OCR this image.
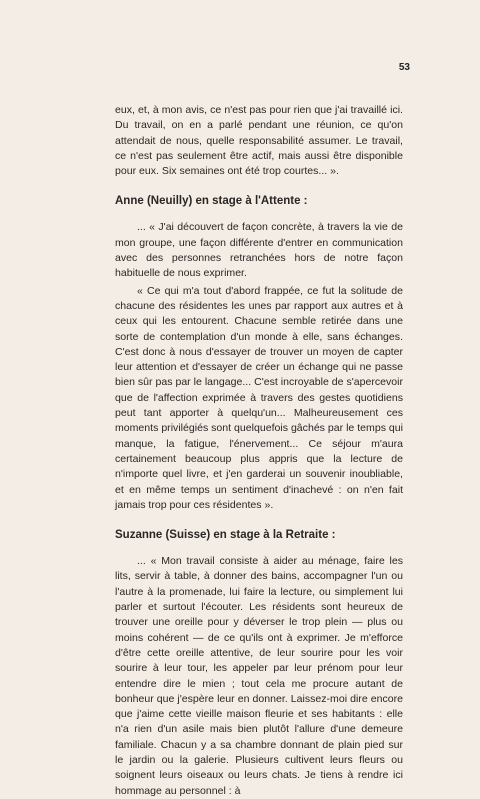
53

eux, et, à mon avis, ce n'est pas pour rien que j'ai travaillé ici. Du travail, on en a parlé pendant une réunion, ce qu'on attendait de nous, quelle responsabilité assumer. Le travail, ce n'est pas seulement être actif, mais aussi être disponible pour eux. Six semaines ont été trop courtes... ».

Anne (Neuilly) en stage à l'Attente :

... « J'ai découvert de façon concrète, à travers la vie de mon groupe, une façon différente d'entrer en communication avec des personnes retranchées hors de notre façon habituelle de nous exprimer.

« Ce qui m'a tout d'abord frappée, ce fut la solitude de chacune des résidentes les unes par rapport aux autres et à ceux qui les entourent. Chacune semble retirée dans une sorte de contemplation d'un monde à elle, sans échanges. C'est donc à nous d'essayer de trouver un moyen de capter leur attention et d'essayer de créer un échange qui ne passe bien sûr pas par le langage... C'est incroyable de s'apercevoir que de l'affection exprimée à travers des gestes quotidiens peut tant apporter à quelqu'un... Malheureusement ces moments privilégiés sont quelquefois gâchés par le temps qui manque, la fatigue, l'énervement... Ce séjour m'aura certainement beaucoup plus appris que la lecture de n'importe quel livre, et j'en garderai un souvenir inoubliable, et en même temps un sentiment d'inachevé : on n'en fait jamais trop pour ces résidentes ».

Suzanne (Suisse) en stage à la Retraite :

... « Mon travail consiste à aider au ménage, faire les lits, servir à table, à donner des bains, accompagner l'un ou l'autre à la promenade, lui faire la lecture, ou simplement lui parler et surtout l'écouter. Les résidents sont heureux de trouver une oreille pour y déverser le trop plein — plus ou moins cohérent — de ce qu'ils ont à exprimer. Je m'efforce d'être cette oreille attentive, de leur sourire pour les voir sourire à leur tour, les appeler par leur prénom pour leur entendre dire le mien ; tout cela me procure autant de bonheur que j'espère leur en donner. Laissez-moi dire encore que j'aime cette vieille maison fleurie et ses habitants : elle n'a rien d'un asile mais bien plutôt l'allure d'une demeure familiale. Chacun y a sa chambre donnant de plain pied sur le jardin ou la galerie. Plusieurs cultivent leurs fleurs ou soignent leurs oiseaux ou leurs chats. Je tiens à rendre ici hommage au personnel : à
